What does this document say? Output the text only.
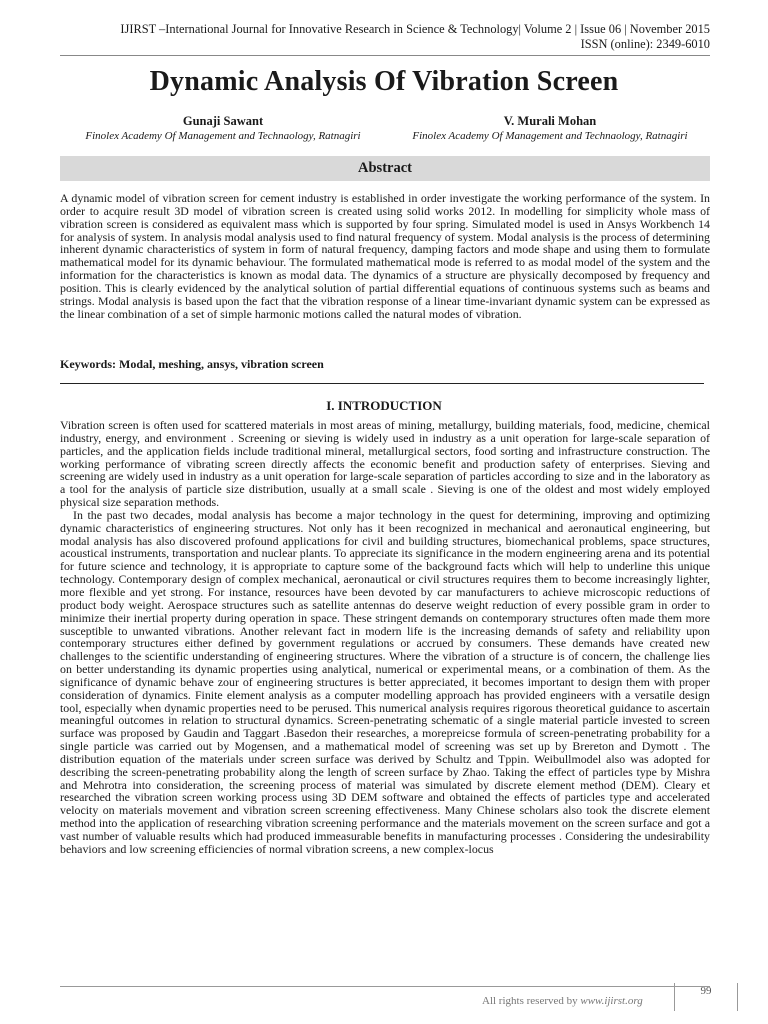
IJIRST –International Journal for Innovative Research in Science & Technology| Volume 2 | Issue 06 | November 2015
ISSN (online): 2349-6010
Dynamic Analysis Of Vibration Screen
Gunaji Sawant
Finolex Academy Of Management and Technaology, Ratnagiri
V. Murali Mohan
Finolex Academy Of Management and Technaology, Ratnagiri
Abstract

A dynamic model of vibration screen for cement industry is established in order investigate the working performance of the system. In order to acquire result 3D model of vibration screen is created using solid works 2012. In modelling for simplicity whole mass of vibration screen is considered as equivalent mass which is supported by four spring. Simulated model is used in Ansys Workbench 14 for analysis of system. In analysis modal analysis used to find natural frequency of system. Modal analysis is the process of determining inherent dynamic characteristics of system in form of natural frequency, damping factors and mode shape and using them to formulate mathematical model for its dynamic behaviour. The formulated mathematical mode is referred to as modal model of the system and the information for the characteristics is known as modal data. The dynamics of a structure are physically decomposed by frequency and position. This is clearly evidenced by the analytical solution of partial differential equations of continuous systems such as beams and strings. Modal analysis is based upon the fact that the vibration response of a linear time-invariant dynamic system can be expressed as the linear combination of a set of simple harmonic motions called the natural modes of vibration.

Keywords: Modal, meshing, ansys, vibration screen
I. INTRODUCTION

Vibration screen is often used for scattered materials in most areas of mining, metallurgy, building materials, food, medicine, chemical industry, energy, and environment . Screening or sieving is widely used in industry as a unit operation for large-scale separation of particles, and the application fields include traditional mineral, metallurgical sectors, food sorting and infrastructure construction. The working performance of vibrating screen directly affects the economic benefit and production safety of enterprises. Sieving and screening are widely used in industry as a unit operation for large-scale separation of particles according to size and in the laboratory as a tool for the analysis of particle size distribution, usually at a small scale . Sieving is one of the oldest and most widely employed physical size separation methods.

In the past two decades, modal analysis has become a major technology in the quest for determining, improving and optimizing dynamic characteristics of engineering structures. Not only has it been recognized in mechanical and aeronautical engineering, but modal analysis has also discovered profound applications for civil and building structures, biomechanical problems, space structures, acoustical instruments, transportation and nuclear plants. To appreciate its significance in the modern engineering arena and its potential for future science and technology, it is appropriate to capture some of the background facts which will help to underline this unique technology. Contemporary design of complex mechanical, aeronautical or civil structures requires them to become increasingly lighter, more flexible and yet strong. For instance, resources have been devoted by car manufacturers to achieve microscopic reductions of product body weight. Aerospace structures such as satellite antennas do deserve weight reduction of every possible gram in order to minimize their inertial property during operation in space. These stringent demands on contemporary structures often made them more susceptible to unwanted vibrations. Another relevant fact in modern life is the increasing demands of safety and reliability upon contemporary structures either defined by government regulations or accrued by consumers. These demands have created new challenges to the scientific understanding of engineering structures. Where the vibration of a structure is of concern, the challenge lies on better understanding its dynamic properties using analytical, numerical or experimental means, or a combination of them. As the significance of dynamic behave zour of engineering structures is better appreciated, it becomes important to design them with proper consideration of dynamics. Finite element analysis as a computer modelling approach has provided engineers with a versatile design tool, especially when dynamic properties need to be perused. This numerical analysis requires rigorous theoretical guidance to ascertain meaningful outcomes in relation to structural dynamics. Screen-penetrating schematic of a single material particle invested to screen surface was proposed by Gaudin and Taggart .Basedon their researches, a morepreicse formula of screen-penetrating probability for a single particle was carried out by Mogensen, and a mathematical model of screening was set up by Brereton and Dymott . The distribution equation of the materials under screen surface was derived by Schultz and Tppin. Weibullmodel also was adopted for describing the screen-penetrating probability along the length of screen surface by Zhao. Taking the effect of particles type by Mishra and Mehrotra into consideration, the screening process of material was simulated by discrete element method (DEM). Cleary et researched the vibration screen working process using 3D DEM software and obtained the effects of particles type and accelerated velocity on materials movement and vibration screen screening effectiveness. Many Chinese scholars also took the discrete element method into the application of researching vibration screening performance and the materials movement on the screen surface and got a vast number of valuable results which had produced immeasurable benefits in manufacturing processes . Considering the undesirability behaviors and low screening efficiencies of normal vibration screens, a new complex-locus

All rights reserved by www.ijirst.org
99
